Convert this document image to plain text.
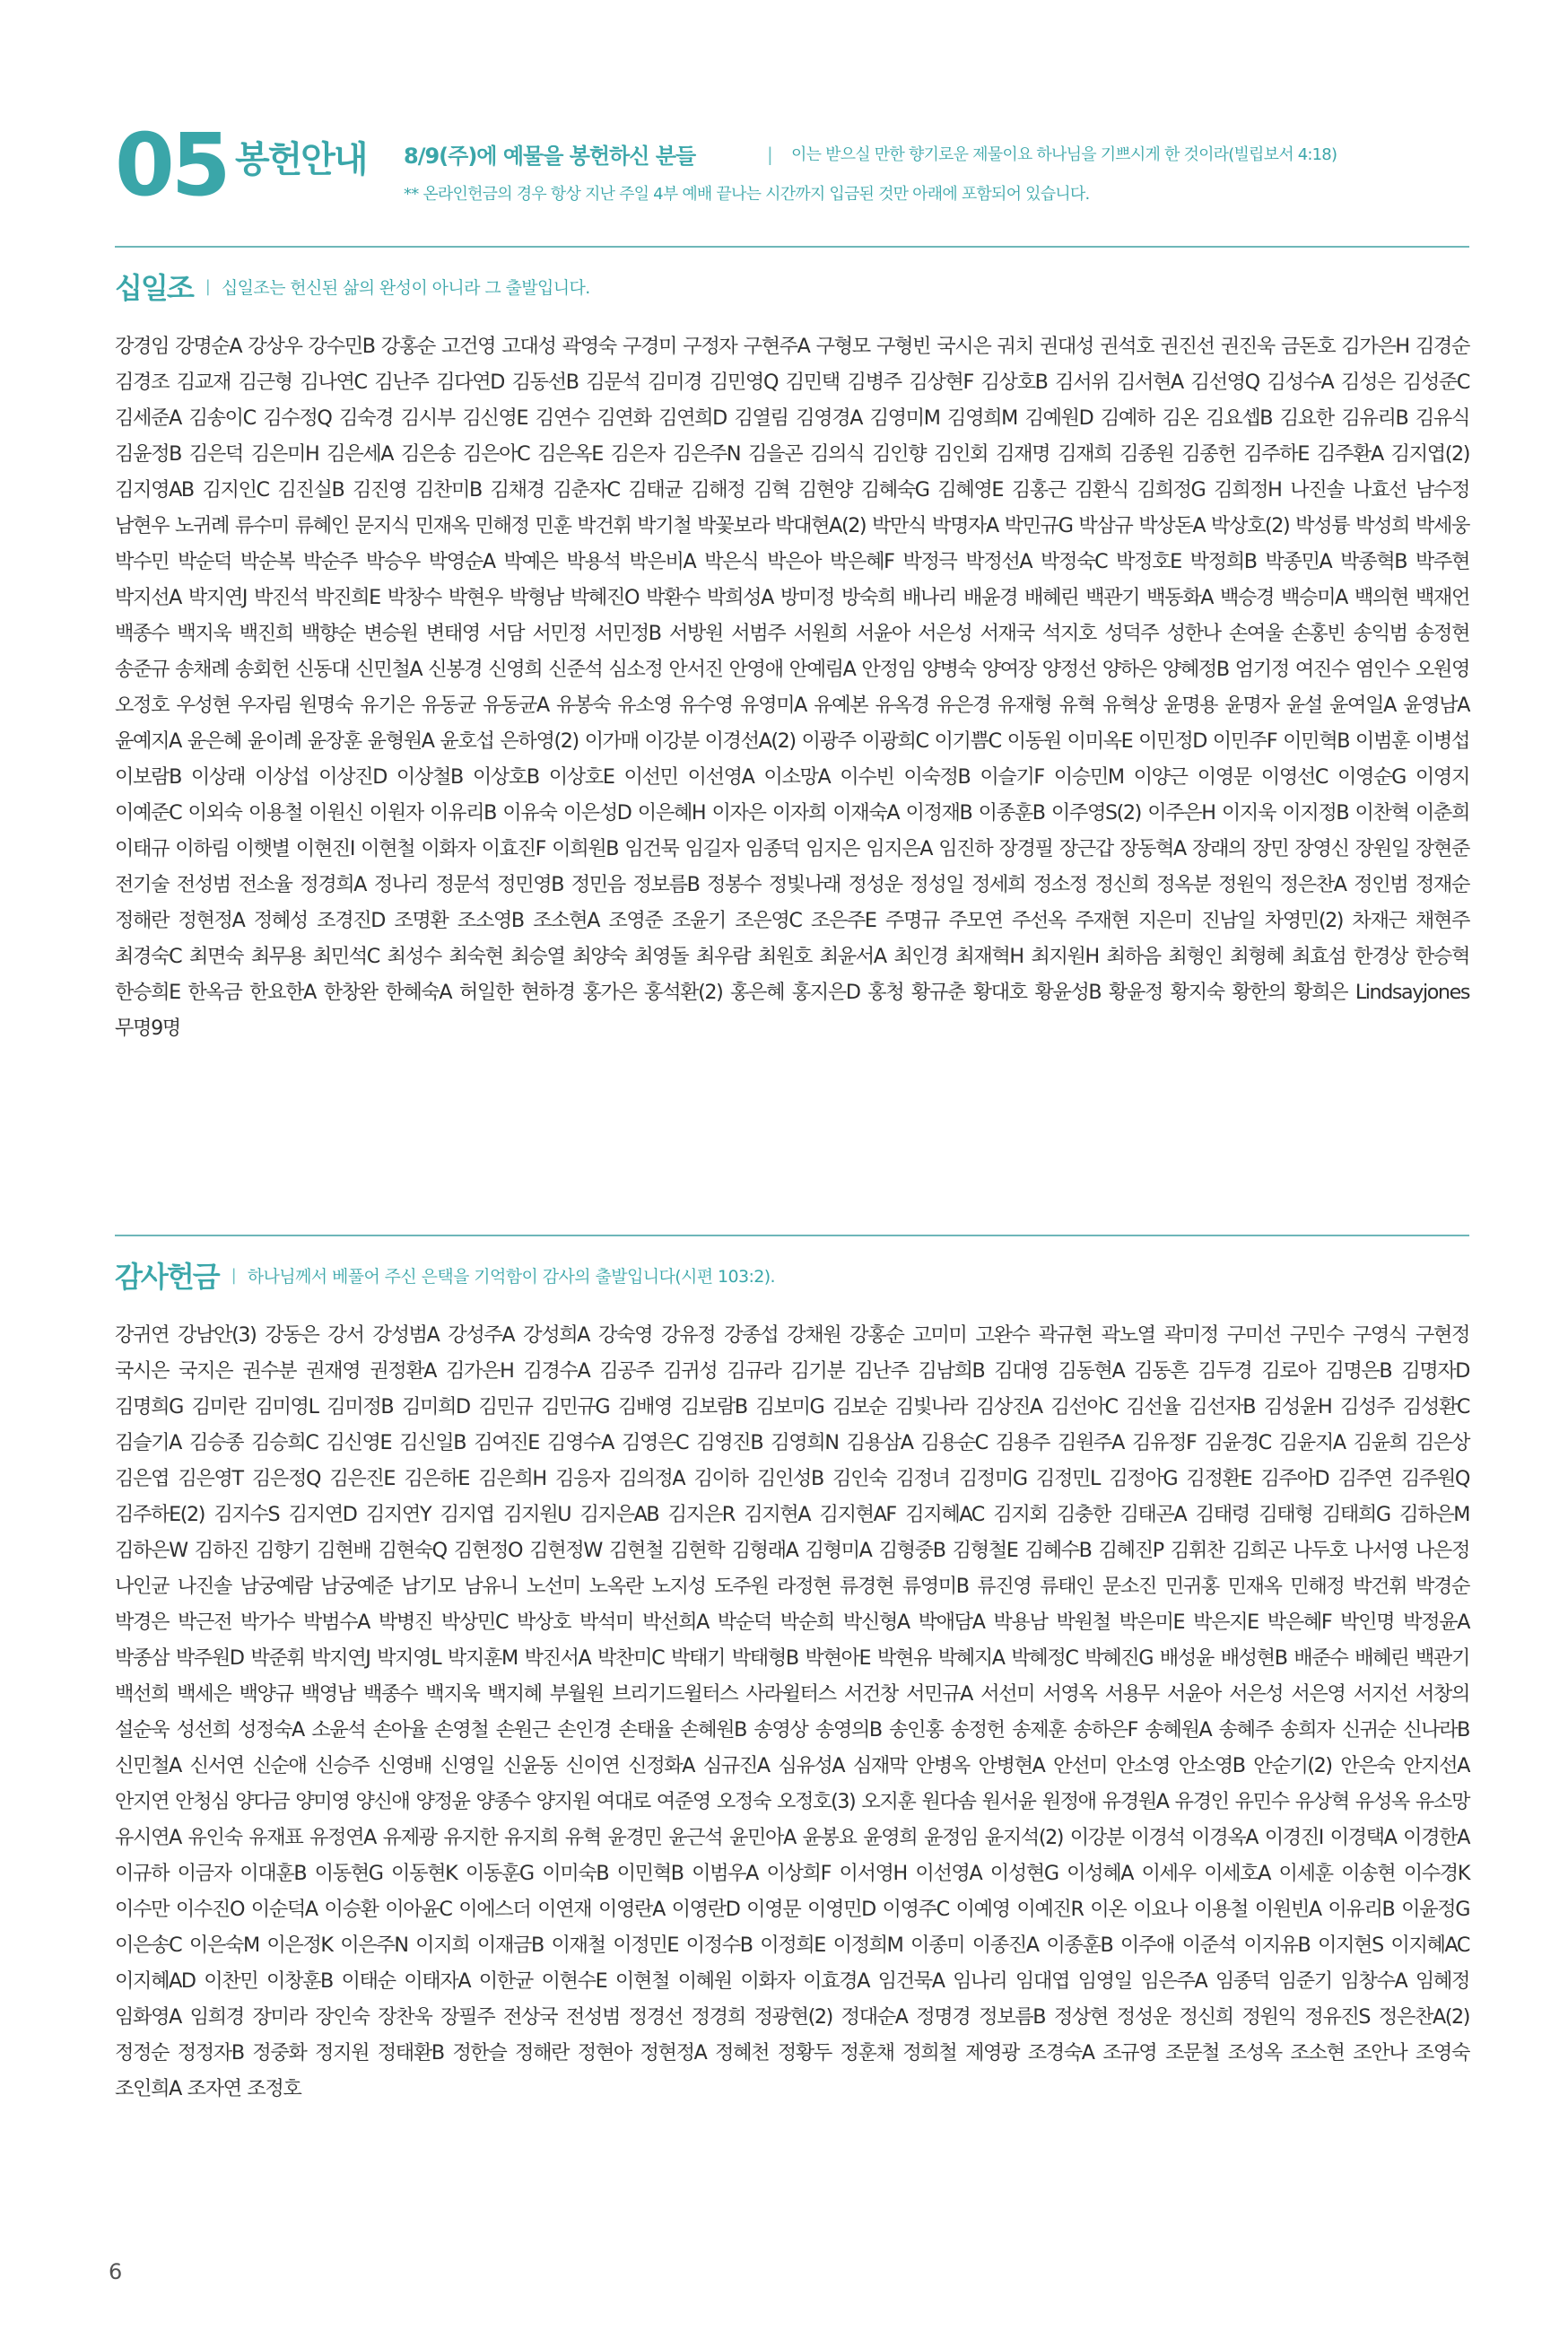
05 봉헌안내 8/9(주)에 예물을 봉헌하신 분들	| 이는 받으실 만한 향기로운 제물이요 하나님을 기쁘시게 한 것이라(빌립보서 4:18)
** 온라인헌금의 경우 항상 지난 주일 4부 예배 끝나는 시간까지 입금된 것만 아래에 포함되어 있습니다.
십일조 | 십일조는 헌신된 삶의 완성이 아니라 그 출발입니다.
강경임 강명순A 강상우 강수민B 강홍순 고건영 고대성 곽영숙 구경미 구정자 구현주A 구형모 구형빈 국시은 궈치 권대성 권석호 권진선 권진욱 금돈호 김가은H 김경순 김경조 김교재 김근형 김나연C 김난주 김다연D 김동선B 김문석 김미경 김민영Q 김민택 김병주 김상현F 김상호B 김서위 김서현A 김선영Q 김성수A 김성은 김성준C 김세준A 김송이C 김수정Q 김숙경 김시부 김신영E 김연수 김연화 김연희D 김열림 김영경A 김영미M 김영희M 김예원D 김예하 김온 김요셉B 김요한 김유리B 김유식 김윤정B 김은덕 김은미H 김은세A 김은송 김은아C 김은옥E 김은자 김은주N 김을곤 김의식 김인향 김인회 김재명 김재희 김종원 김종헌 김주하E 김주환A 김지엽(2) 김지영AB 김지인C 김진실B 김진영 김찬미B 김채경 김춘자C 김태균 김해정 김혁 김현양 김혜숙G 김혜영E 김홍근 김환식 김희정G 김희정H 나진솔 나효선 남수정 남현우 노귀례 류수미 류혜인 문지식 민재옥 민해정 민훈 박건휘 박기철 박꽃보라 박대현A(2) 박만식 박명자A 박민규G 박삼규 박상돈A 박상호(2) 박성륭 박성희 박세웅 박수민 박순덕 박순복 박순주 박승우 박영순A 박예은 박용석 박은비A 박은식 박은아 박은혜F 박정극 박정선A 박정숙C 박정호E 박정희B 박종민A 박종혁B 박주현 박지선A 박지연J 박진석 박진희E 박창수 박현우 박형남 박혜진O 박환수 박희성A 방미정 방숙희 배나리 배윤경 배혜린 백관기 백동화A 백승경 백승미A 백의현 백재언 백종수 백지욱 백진희 백향순 변승원 변태영 서담 서민정 서민정B 서방원 서범주 서원희 서윤아 서은성 서재국 석지호 성덕주 성한나 손여울 손홍빈 송익범 송정현 송준규 송채례 송회헌 신동대 신민철A 신봉경 신영희 신준석 심소정 안서진 안영애 안예림A 안정임 양병숙 양여장 양정선 양하은 양혜정B 엄기정 여진수 염인수 오원영 오정호 우성현 우자림 원명숙 유기은 유동균 유동균A 유봉숙 유소영 유수영 유영미A 유예본 유옥경 유은경 유재형 유혁 유혁상 윤명용 윤명자 윤설 윤여일A 윤영남A 윤예지A 윤은혜 윤이례 윤장훈 윤형원A 윤호섭 은하영(2) 이가매 이강분 이경선A(2) 이광주 이광희C 이기쁨C 이동원 이미옥E 이민정D 이민주F 이민혁B 이범훈 이병섭 이보람B 이상래 이상섭 이상진D 이상철B 이상호B 이상호E 이선민 이선영A 이소망A 이수빈 이숙정B 이슬기F 이승민M 이양근 이영문 이영선C 이영순G 이영지 이예준C 이외숙 이용철 이원신 이원자 이유리B 이유숙 이은성D 이은혜H 이자은 이자희 이재숙A 이정재B 이종훈B 이주영S(2) 이주은H 이지욱 이지정B 이찬혁 이춘희 이태규 이하림 이햇별 이현진I 이현철 이화자 이효진F 이희원B 임건묵 임길자 임종덕 임지은 임지은A 임진하 장경필 장근갑 장동혁A 장래의 장민 장영신 장원일 장현준 전기술 전성범 전소율 정경희A 정나리 정문석 정민영B 정민음 정보름B 정봉수 정빛나래 정성운 정성일 정세희 정소정 정신희 정옥분 정원익 정은찬A 정인범 정재순 정해란 정현정A 정혜성 조경진D 조명환 조소영B 조소현A 조영준 조윤기 조은영C 조은주E 주명규 주모연 주선옥 주재현 지은미 진남일 차영민(2) 차재근 채현주 최경숙C 최면숙 최무용 최민석C 최성수 최숙현 최승열 최양숙 최영돌 최우람 최원호 최윤서A 최인경 최재혁H 최지원H 최하음 최형인 최형혜 최효섬 한경상 한승혁 한승희E 한옥금 한요한A 한창완 한혜숙A 허일한 현하경 홍가은 홍석환(2) 홍은혜 홍지은D 홍청 황규춘 황대호 황윤성B 황윤정 황지숙 황한의 황희은 Lindsayjones 무명9명
감사헌금 | 하나님께서 베풀어 주신 은택을 기억함이 감사의 출발입니다(시편 103:2).
강귀연 강남안(3) 강동은 강서 강성범A 강성주A 강성희A 강숙영 강유정 강종섭 강채원 강홍순 고미미 고완수 곽규현 곽노열 곽미정 구미선 구민수 구영식 구현정 국시은 국지은 권수분 권재영 권정환A 김가은H 김경수A 김공주 김귀성 김규라 김기분 김난주 김남희B 김대영 김동현A 김동흔 김두경 김로아 김명은B 김명자D 김명희G 김미란 김미영L 김미정B 김미희D 김민규 김민규G 김배영 김보람B 김보미G 김보순 김빛나라 김상진A 김선아C 김선율 김선자B 김성윤H 김성주 김성환C 김슬기A 김승종 김승희C 김신영E 김신일B 김여진E 김영수A 김영은C 김영진B 김영희N 김용삼A 김용순C 김용주 김원주A 김유정F 김윤경C 김윤지A 김윤희 김은상 김은엽 김은영T 김은정Q 김은진E 김은하E 김은희H 김응자 김의정A 김이하 김인성B 김인숙 김정녀 김정미G 김정민L 김정아G 김정환E 김주아D 김주연 김주원Q 김주하E(2) 김지수S 김지연D 김지연Y 김지엽 김지원U 김지은AB 김지은R 김지현A 김지현AF 김지혜AC 김지회 김충한 김태곤A 김태령 김태형 김태희G 김하은M 김하은W 김하진 김향기 김현배 김현숙Q 김현정O 김현정W 김현철 김현학 김형래A 김형미A 김형중B 김형철E 김혜수B 김혜진P 김휘찬 김희곤 나두호 나서영 나은정 나인균 나진솔 남궁예람 남궁예준 남기모 남유니 노선미 노옥란 노지성 도주원 라정현 류경현 류영미B 류진영 류태인 문소진 민귀홍 민재옥 민해정 박건휘 박경순 박경은 박근전 박가수 박범수A 박병진 박상민C 박상호 박석미 박선희A 박순덕 박순희 박신형A 박애담A 박용남 박원철 박은미E 박은지E 박은혜F 박인명 박정윤A 박종삼 박주원D 박준휘 박지연J 박지영L 박지훈M 박진서A 박찬미C 박태기 박태형B 박현아E 박현유 박혜지A 박혜정C 박혜진G 배성윤 배성현B 배준수 배혜린 백관기 백선희 백세은 백양규 백영남 백종수 백지욱 백지혜 부월원 브리기드윌터스 사라윌터스 서건창 서민규A 서선미 서영옥 서용무 서윤아 서은성 서은영 서지선 서창의 설순욱 성선희 성정숙A 소윤석 손아율 손영철 손원근 손인경 손태율 손혜원B 송영상 송영의B 송인홍 송정헌 송제훈 송하은F 송혜원A 송혜주 송희자 신귀순 신나라B 신민철A 신서연 신순애 신승주 신영배 신영일 신윤동 신이연 신정화A 심규진A 심유성A 심재막 안병옥 안병현A 안선미 안소영 안소영B 안순기(2) 안은숙 안지선A 안지연 안청심 양다금 양미영 양신애 양정윤 양종수 양지원 여대로 여준영 오정숙 오정호(3) 오지훈 원다솜 원서윤 원정애 유경원A 유경인 유민수 유상혁 유성옥 유소망 유시연A 유인숙 유재표 유정연A 유제광 유지한 유지희 유혁 윤경민 윤근석 윤민아A 윤봉요 윤영희 윤정임 윤지석(2) 이강분 이경석 이경옥A 이경진I 이경택A 이경한A 이규하 이금자 이대훈B 이동현G 이동현K 이동훈G 이미숙B 이민혁B 이범우A 이상희F 이서영H 이선영A 이성현G 이성혜A 이세우 이세호A 이세훈 이송현 이수경K 이수만 이수진O 이순덕A 이승환 이아윤C 이에스더 이연재 이영란A 이영란D 이영문 이영민D 이영주C 이예영 이예진R 이온 이요나 이용철 이원빈A 이유리B 이윤정G 이은송C 이은숙M 이은정K 이은주N 이지희 이재금B 이재철 이정민E 이정수B 이정희E 이정희M 이종미 이종진A 이종훈B 이주애 이준석 이지유B 이지현S 이지혜AC 이지혜AD 이찬민 이창훈B 이태순 이태자A 이한균 이현수E 이현철 이혜원 이화자 이효경A 임건묵A 임나리 임대엽 임영일 임은주A 임종덕 임준기 임창수A 임혜정 임화영A 임희경 장미라 장인숙 장찬욱 장필주 전상국 전성범 정경선 정경희 정광현(2) 정대순A 정명경 정보름B 정상현 정성운 정신희 정원익 정유진S 정은찬A(2) 정정순 정정자B 정중화 정지원 정태환B 정한슬 정해란 정현아 정현정A 정혜천 정황두 정훈채 정희철 제영광 조경숙A 조규영 조문철 조성옥 조소현 조안나 조영숙 조인희A 조자연 조정호
6
